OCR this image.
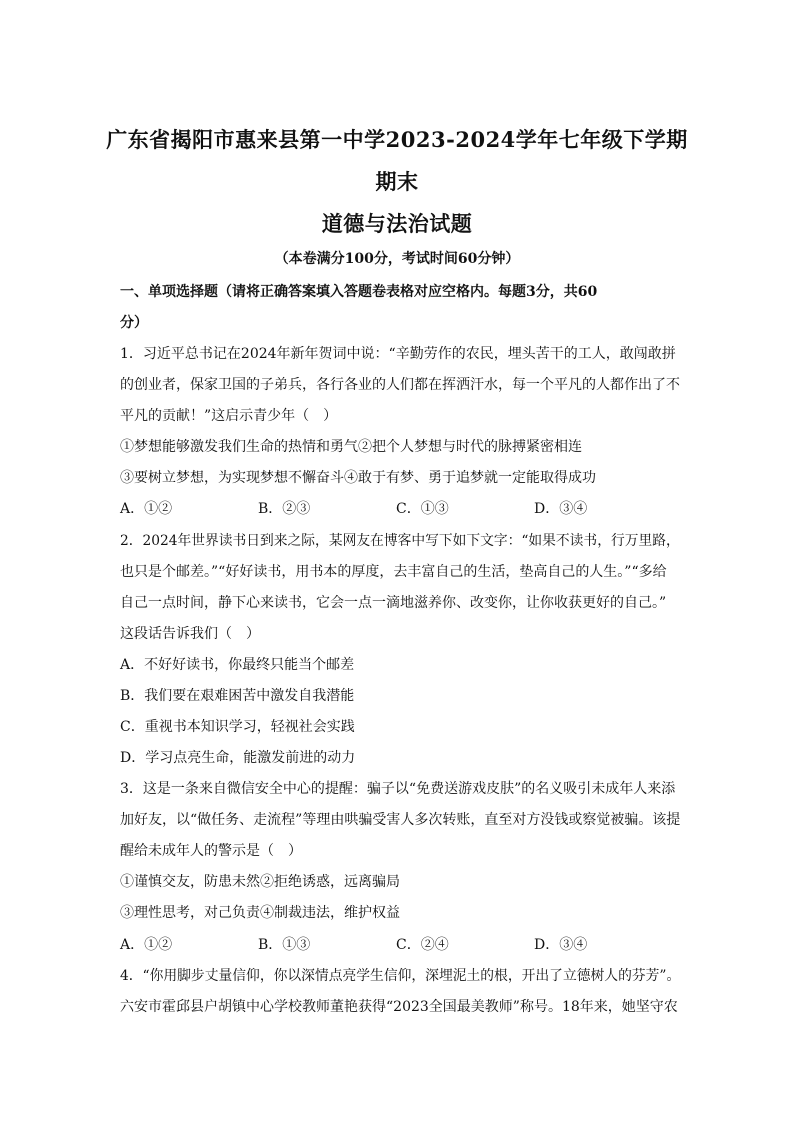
广东省揭阳市惠来县第一中学2023-2024学年七年级下学期
期末
道德与法治试题
（本卷满分100分，考试时间60分钟）
一、单项选择题（请将正确答案填入答题卷表格对应空格内。每题3分，共60
分）
1．习近平总书记在2024年新年贺词中说：“辛勤劳作的农民，埋头苦干的工人，敢闯敢拼
的创业者，保家卫国的子弟兵，各行各业的人们都在挥洒汗水，每一个平凡的人都作出了不
平凡的贡献！”这启示青少年（　）
①梦想能够激发我们生命的热情和勇气②把个人梦想与时代的脉搏紧密相连
③要树立梦想，为实现梦想不懈奋斗④敢于有梦、勇于追梦就一定能取得成功
A．①②	B．②③	C．①③	D．③④
2．2024年世界读书日到来之际，某网友在博客中写下如下文字：“如果不读书，行万里路，
也只是个邮差。”“好好读书，用书本的厚度，去丰富自己的生活，垫高自己的人生。”“多给
自己一点时间，静下心来读书，它会一点一滴地滋养你、改变你，让你收获更好的自己。”
这段话告诉我们（　）
A．不好好读书，你最终只能当个邮差
B．我们要在艰难困苦中激发自我潜能
C．重视书本知识学习，轻视社会实践
D．学习点亮生命，能激发前进的动力
3．这是一条来自微信安全中心的提醒：骗子以“免费送游戏皮肤”的名义吸引未成年人来添
加好友，以“做任务、走流程”等理由哄骗受害人多次转账，直至对方没钱或察觉被骗。该提
醒给未成年人的警示是（　）
①谨慎交友，防患未然②拒绝诱惑，远离骗局
③理性思考，对己负责④制裁违法，维护权益
A．①②	B．①③	C．②④	D．③④
4．“你用脚步丈量信仰，你以深情点亮学生信仰，深埋泥土的根，开出了立德树人的芬芳”。
六安市霍邱县户胡镇中心学校教师董艳获得“2023全国最美教师”称号。18年来，她坚守农
